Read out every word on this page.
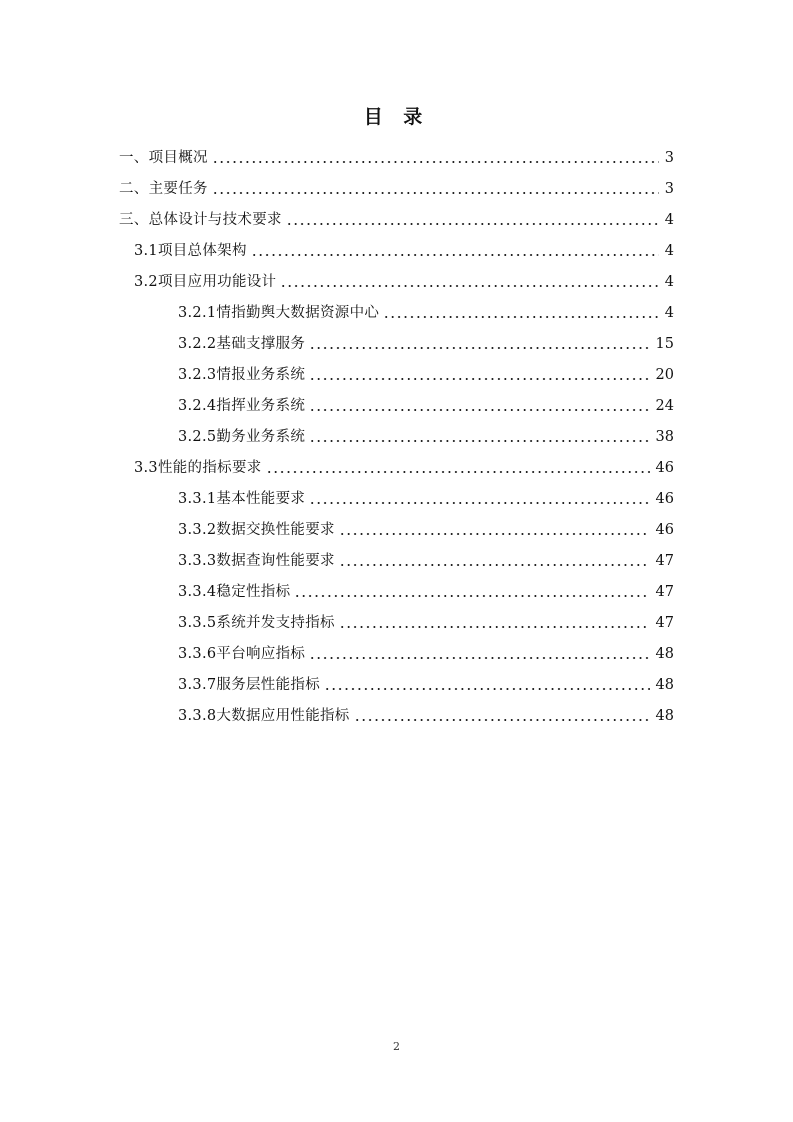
目 录
一、项目概况	3
二、主要任务	3
三、总体设计与技术要求	4
3.1项目总体架构	4
3.2项目应用功能设计	4
3.2.1情指勤舆大数据资源中心	4
3.2.2基础支撑服务	15
3.2.3情报业务系统	20
3.2.4指挥业务系统	24
3.2.5勤务业务系统	38
3.3性能的指标要求	46
3.3.1基本性能要求	46
3.3.2数据交换性能要求	46
3.3.3数据查询性能要求	47
3.3.4稳定性指标	47
3.3.5系统并发支持指标	47
3.3.6平台响应指标	48
3.3.7服务层性能指标	48
3.3.8大数据应用性能指标	48
2
